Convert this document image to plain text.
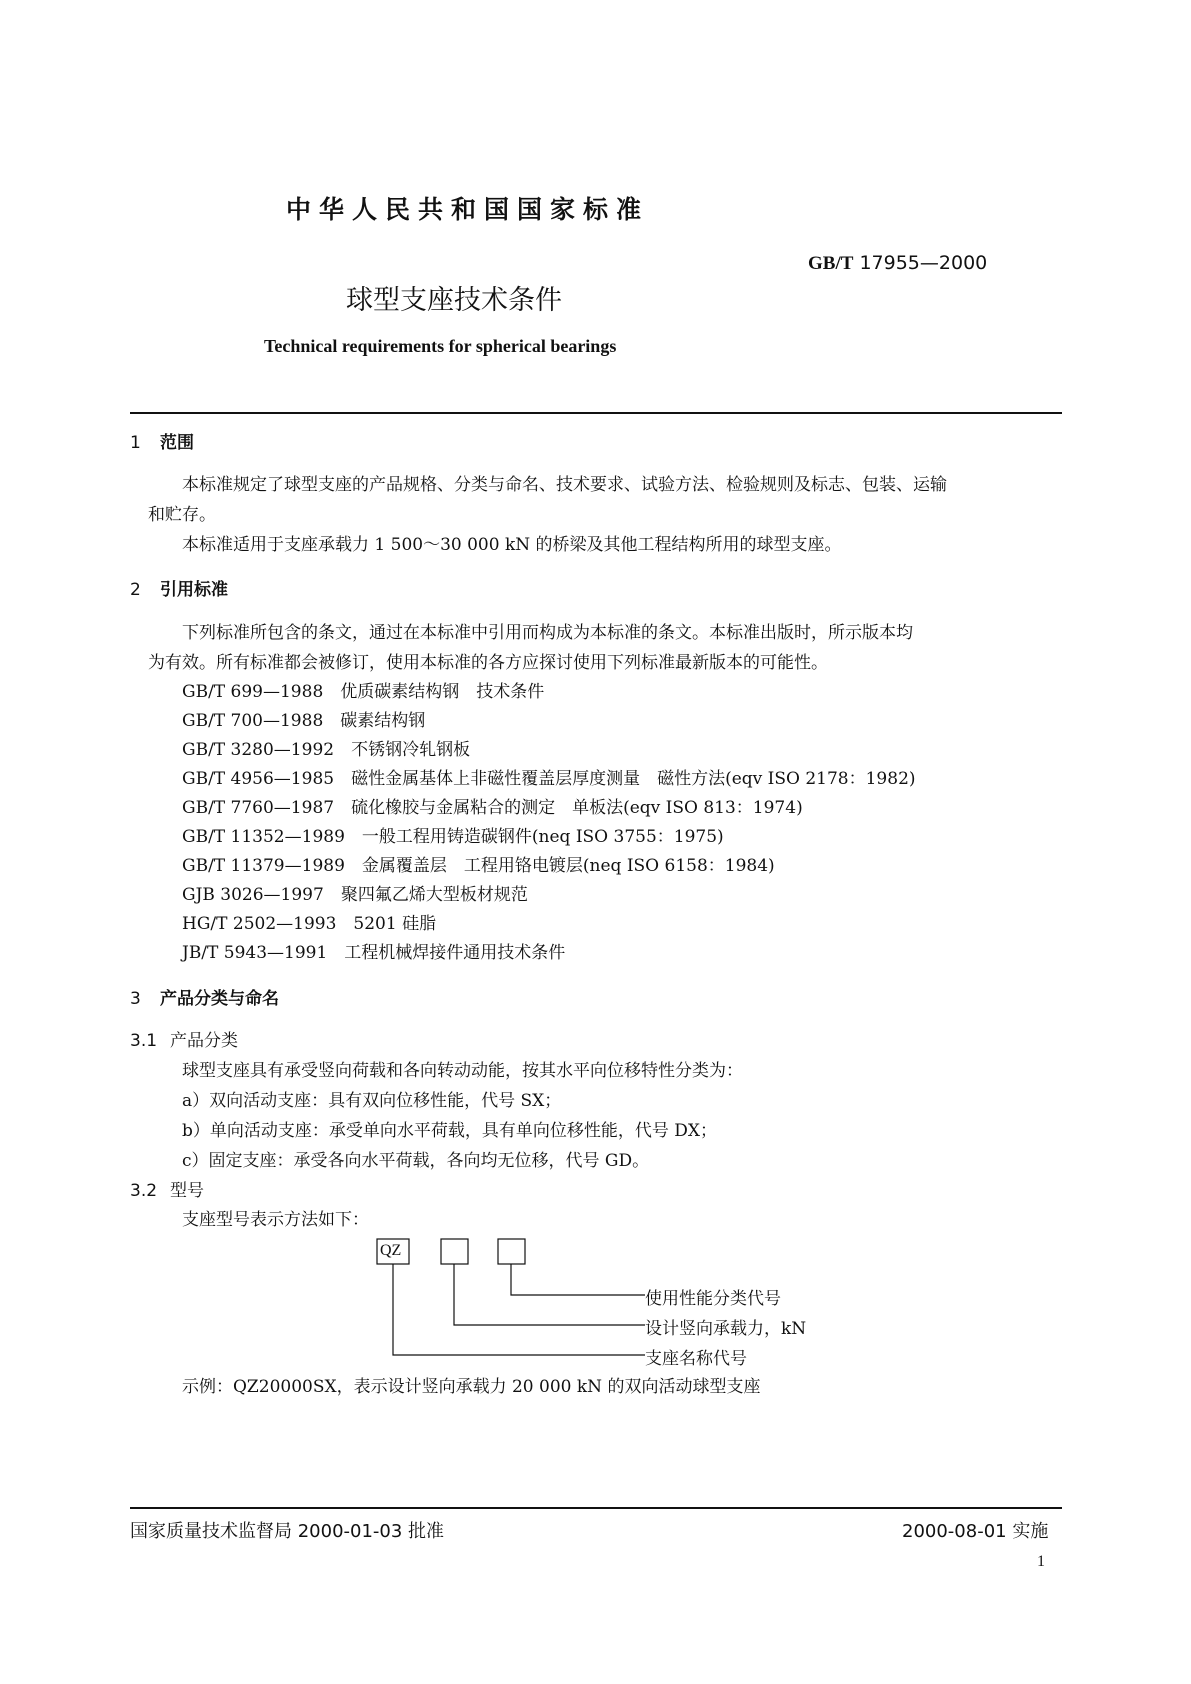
中华人民共和国国家标准
GB/T 17955—2000
球型支座技术条件
Technical requirements for spherical bearings
1 范围
本标准规定了球型支座的产品规格、分类与命名、技术要求、试验方法、检验规则及标志、包装、运输
和贮存。
本标准适用于支座承载力 1 500～30 000 kN 的桥梁及其他工程结构所用的球型支座。
2 引用标准
下列标准所包含的条文，通过在本标准中引用而构成为本标准的条文。本标准出版时，所示版本均
为有效。所有标准都会被修订，使用本标准的各方应探讨使用下列标准最新版本的可能性。
GB/T 699—1988　优质碳素结构钢　技术条件
GB/T 700—1988　碳素结构钢
GB/T 3280—1992　不锈钢冷轧钢板
GB/T 4956—1985　磁性金属基体上非磁性覆盖层厚度测量　磁性方法(eqv ISO 2178：1982)
GB/T 7760—1987　硫化橡胶与金属粘合的测定　单板法(eqv ISO 813：1974)
GB/T 11352—1989　一般工程用铸造碳钢件(neq ISO 3755：1975)
GB/T 11379—1989　金属覆盖层　工程用铬电镀层(neq ISO 6158：1984)
GJB 3026—1997　聚四氟乙烯大型板材规范
HG/T 2502—1993　5201 硅脂
JB/T 5943—1991　工程机械焊接件通用技术条件
3 产品分类与命名
3.1 产品分类
球型支座具有承受竖向荷载和各向转动动能，按其水平向位移特性分类为：
a）双向活动支座：具有双向位移性能，代号 SX；
b）单向活动支座：承受单向水平荷载，具有单向位移性能，代号 DX；
c）固定支座：承受各向水平荷载，各向均无位移，代号 GD。
3.2 型号
支座型号表示方法如下：
QZ
使用性能分类代号
设计竖向承载力，kN
支座名称代号
示例：QZ20000SX，表示设计竖向承载力 20 000 kN 的双向活动球型支座
国家质量技术监督局 2000-01-03 批准	2000-08-01 实施
1
